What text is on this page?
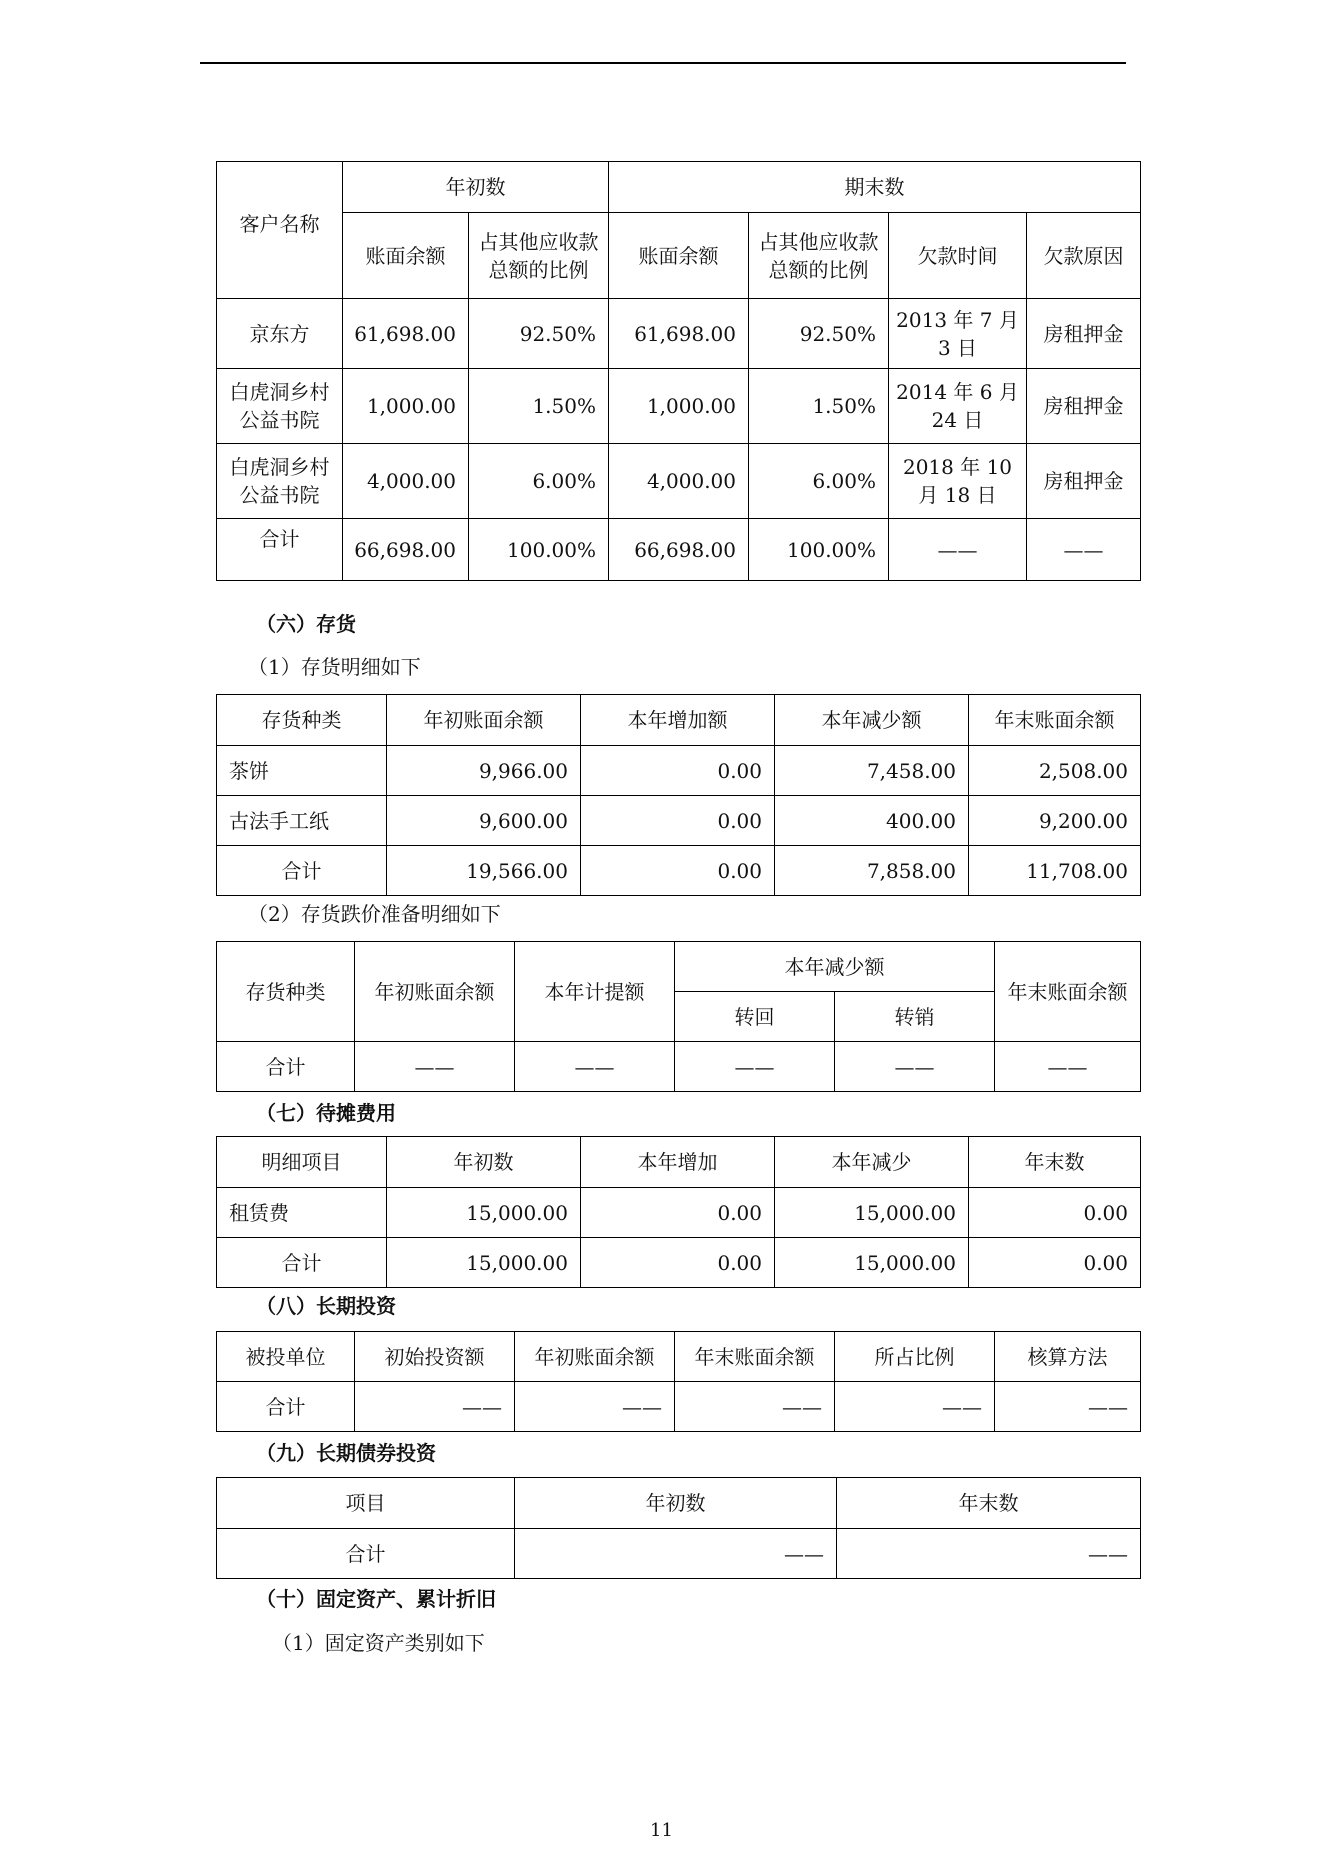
客户名称	年初数		期末数			
	账面余额	占其他应收款总额的比例	账面余额	占其他应收款总额的比例	欠款时间	欠款原因
京东方	61,698.00	92.50%	61,698.00	92.50%	2013 年 7 月 3 日	房租押金
白虎洞乡村公益书院	1,000.00	1.50%	1,000.00	1.50%	2014 年 6 月 24 日	房租押金
白虎洞乡村公益书院	4,000.00	6.00%	4,000.00	6.00%	2018 年 10 月 18 日	房租押金
合计	66,698.00	100.00%	66,698.00	100.00%	——	——
（六）存货
（1）存货明细如下
存货种类	年初账面余额	本年增加额	本年减少额	年末账面余额
茶饼	9,966.00	0.00	7,458.00	2,508.00
古法手工纸	9,600.00	0.00	400.00	9,200.00
合计	19,566.00	0.00	7,858.00	11,708.00
（2）存货跌价准备明细如下
存货种类	年初账面余额	本年计提额	本年减少额		年末账面余额
			转回	转销	
合计	——	——	——	——	——
（七）待摊费用
明细项目	年初数	本年增加	本年减少	年末数
租赁费	15,000.00	0.00	15,000.00	0.00
合计	15,000.00	0.00	15,000.00	0.00
（八）长期投资
被投单位	初始投资额	年初账面余额	年末账面余额	所占比例	核算方法
合计	——	——	——	——	——
（九）长期债券投资
项目	年初数	年末数
合计	——	——
（十）固定资产、累计折旧
（1）固定资产类别如下
11
